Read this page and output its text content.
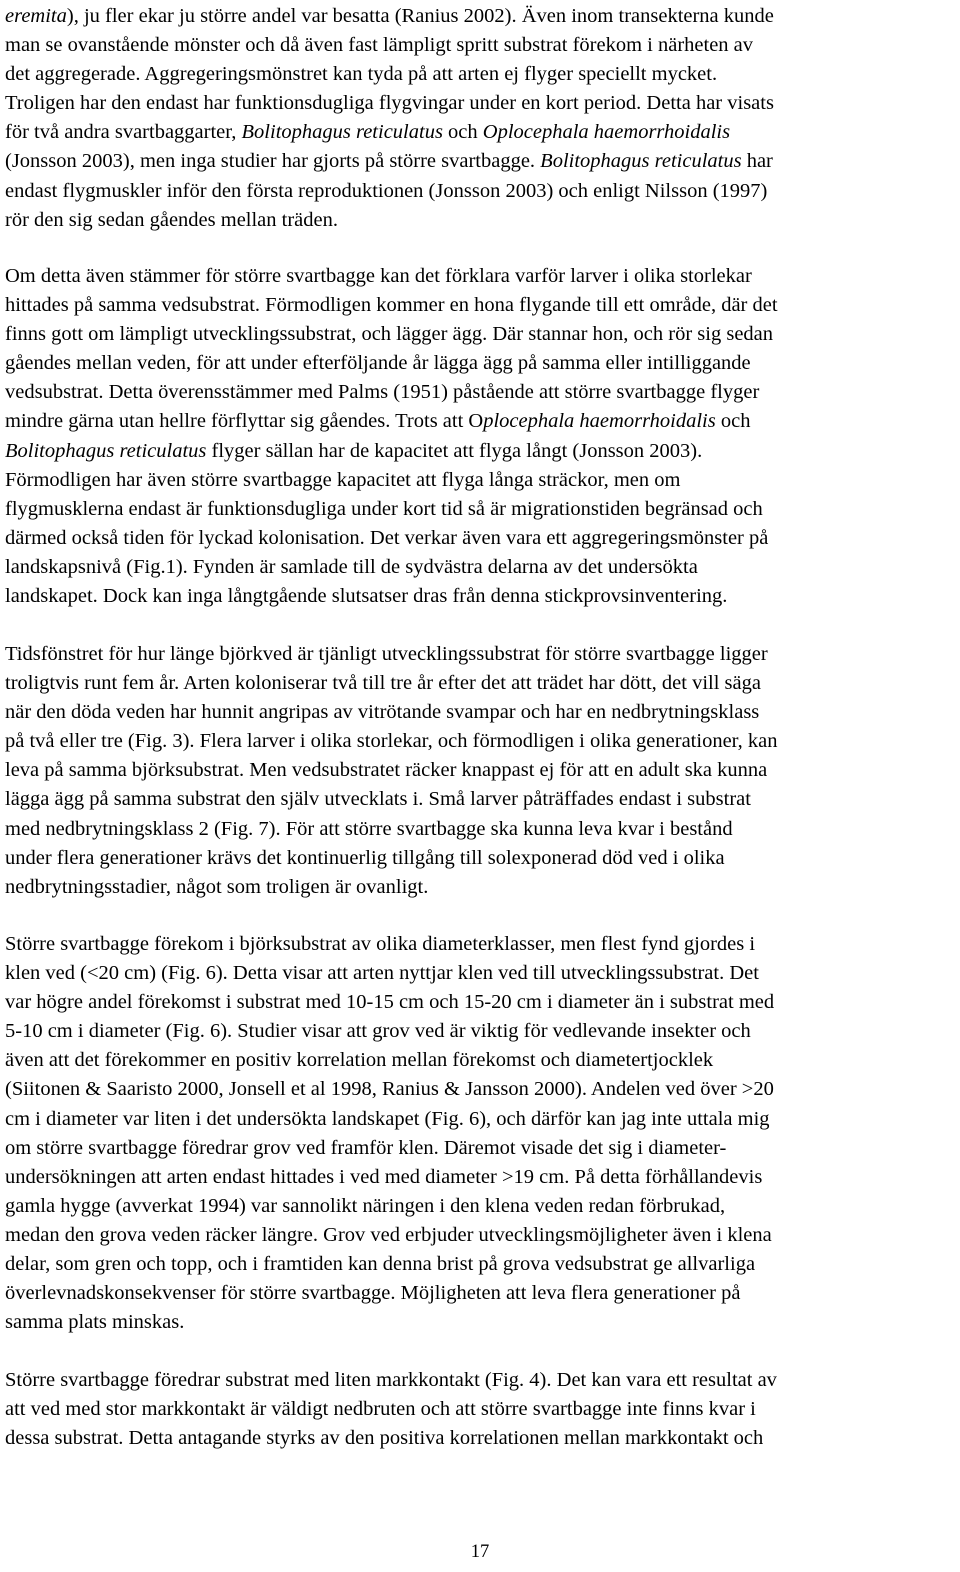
eremita), ju fler ekar ju större andel var besatta (Ranius 2002). Även inom transekterna kunde
man se ovanstående mönster och då även fast lämpligt spritt substrat förekom i närheten av
det aggregerade. Aggregeringsmönstret kan tyda på att arten ej flyger speciellt mycket.
Troligen har den endast har funktionsdugliga flygvingar under en kort period. Detta har visats
för två andra svartbaggarter, Bolitophagus reticulatus och Oplocephala haemorrhoidalis
(Jonsson 2003), men inga studier har gjorts på större svartbagge. Bolitophagus reticulatus har
endast flygmuskler inför den första reproduktionen (Jonsson 2003) och enligt Nilsson (1997)
rör den sig sedan gåendes mellan träden.
Om detta även stämmer för större svartbagge kan det förklara varför larver i olika storlekar
hittades på samma vedsubstrat. Förmodligen kommer en hona flygande till ett område, där det
finns gott om lämpligt utvecklingssubstrat, och lägger ägg. Där stannar hon, och rör sig sedan
gåendes mellan veden, för att under efterföljande år lägga ägg på samma eller intilliggande
vedsubstrat. Detta överensstämmer med Palms (1951) påstående att större svartbagge flyger
mindre gärna utan hellre förflyttar sig gåendes. Trots att Oplocephala haemorrhoidalis och
Bolitophagus reticulatus flyger sällan har de kapacitet att flyga långt (Jonsson 2003).
Förmodligen har även större svartbagge kapacitet att flyga långa sträckor, men om
flygmusklerna endast är funktionsdugliga under kort tid så är migrationstiden begränsad och
därmed också tiden för lyckad kolonisation. Det verkar även vara ett aggregeringsmönster på
landskapsnivå (Fig.1). Fynden är samlade till de sydvästra delarna av det undersökta
landskapet. Dock kan inga långtgående slutsatser dras från denna stickprovsinventering.
Tidsfönstret för hur länge björkved är tjänligt utvecklingssubstrat för större svartbagge ligger
troligtvis runt fem år. Arten koloniserar två till tre år efter det att trädet har dött, det vill säga
när den döda veden har hunnit angripas av vitrötande svampar och har en nedbrytningsklass
på två eller tre (Fig. 3). Flera larver i olika storlekar, och förmodligen i olika generationer, kan
leva på samma björksubstrat. Men vedsubstratet räcker knappast ej för att en adult ska kunna
lägga ägg på samma substrat den själv utvecklats i. Små larver påträffades endast i substrat
med nedbrytningsklass 2 (Fig. 7). För att större svartbagge ska kunna leva kvar i bestånd
under flera generationer krävs det kontinuerlig tillgång till solexponerad död ved i olika
nedbrytningsstadier, något som troligen är ovanligt.
Större svartbagge förekom i björksubstrat av olika diameterklasser, men flest fynd gjordes i
klen ved (<20 cm) (Fig. 6). Detta visar att arten nyttjar klen ved till utvecklingssubstrat. Det
var högre andel förekomst i substrat med 10-15 cm och 15-20 cm i diameter än i substrat med
5-10 cm i diameter (Fig. 6). Studier visar att grov ved är viktig för vedlevande insekter och
även att det förekommer en positiv korrelation mellan förekomst och diametertjocklek
(Siitonen & Saaristo 2000, Jonsell et al 1998, Ranius & Jansson 2000). Andelen ved över >20
cm i diameter var liten i det undersökta landskapet (Fig. 6), och därför kan jag inte uttala mig
om större svartbagge föredrar grov ved framför klen. Däremot visade det sig i diameter-
undersökningen att arten endast hittades i ved med diameter >19 cm. På detta förhållandevis
gamla hygge (avverkat 1994) var sannolikt näringen i den klena veden redan förbrukad,
medan den grova veden räcker längre. Grov ved erbjuder utvecklingsmöjligheter även i klena
delar, som gren och topp, och i framtiden kan denna brist på grova vedsubstrat ge allvarliga
överlevnadskonsekvenser för större svartbagge. Möjligheten att leva flera generationer på
samma plats minskas.
Större svartbagge föredrar substrat med liten markkontakt (Fig. 4). Det kan vara ett resultat av
att ved med stor markkontakt är väldigt nedbruten och att större svartbagge inte finns kvar i
dessa substrat. Detta antagande styrks av den positiva korrelationen mellan markkontakt och
17
